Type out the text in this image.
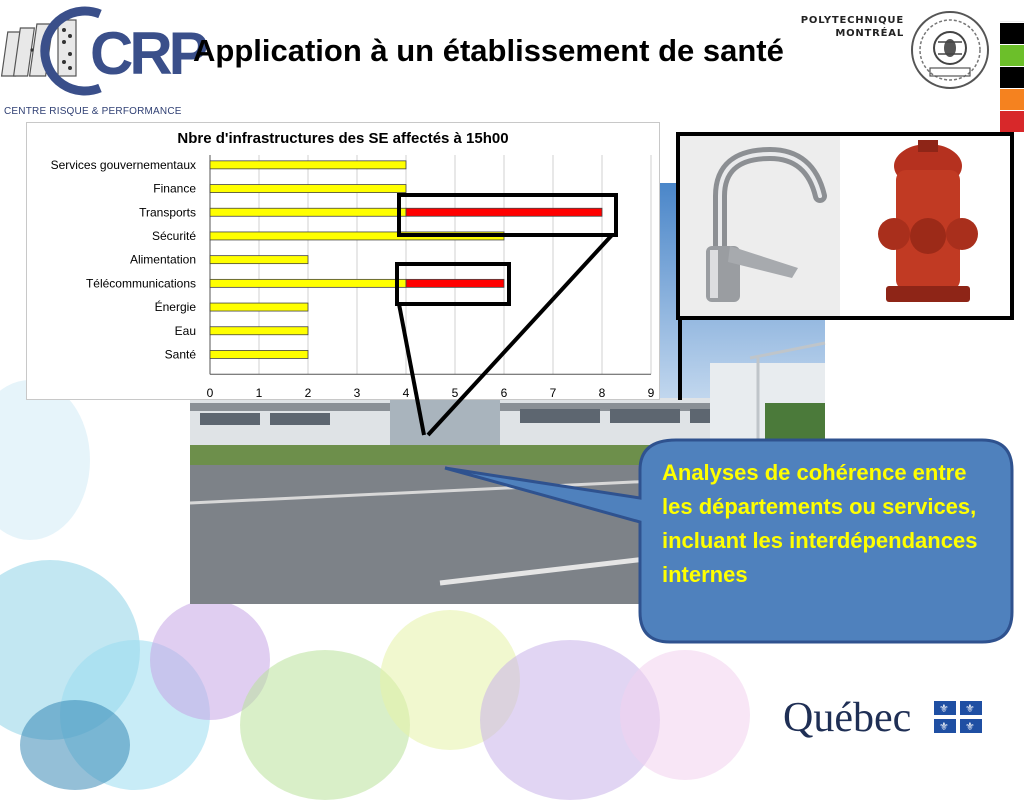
CRP
CENTRE RISQUE & PERFORMANCE
Application à un établissement de santé
POLYTECHNIQUE
MONTRÉAL
Nbre d'infrastructures des SE affectés à 15h00
0	1	2	3	4	5	6	7	8	9
Services gouvernementaux
Finance
Transports
Sécurité
Alimentation
Télécommunications
Énergie
Eau
Santé
Analyses de cohérence entre les départements ou services, incluant les interdépendances internes
Québec	⚜ ⚜
⚜ ⚜
